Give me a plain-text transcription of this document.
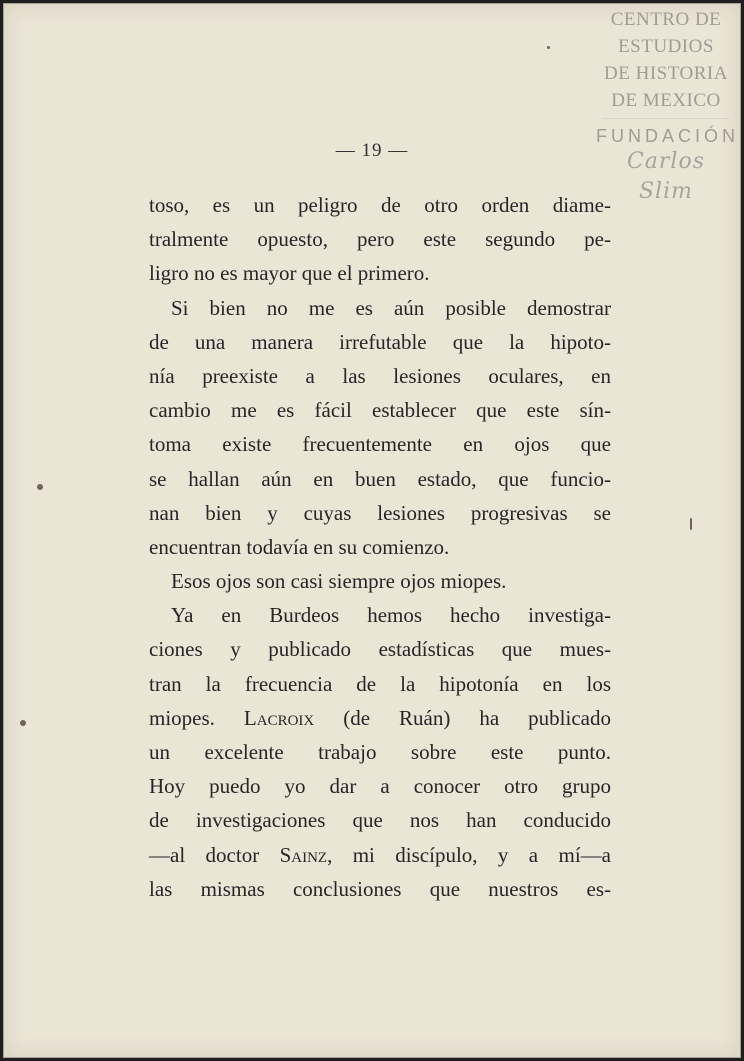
CENTRO DE
ESTUDIOS
DE HISTORIA
DE MEXICO
FUNDACIÓN
Carlos Slim
— 19 —
toso, es un peligro de otro orden diame-
tralmente opuesto, pero este segundo pe-
ligro no es mayor que el primero.
Si bien no me es aún posible demostrar
de una manera irrefutable que la hipoto-
nía preexiste a las lesiones oculares, en
cambio me es fácil establecer que este sín-
toma existe frecuentemente en ojos que
se hallan aún en buen estado, que funcio-
nan bien y cuyas lesiones progresivas se
encuentran todavía en su comienzo.
Esos ojos son casi siempre ojos miopes.
Ya en Burdeos hemos hecho investiga-
ciones y publicado estadísticas que mues-
tran la frecuencia de la hipotonía en los
miopes. Lacroix (de Ruán) ha publicado
un excelente trabajo sobre este punto.
Hoy puedo yo dar a conocer otro grupo
de investigaciones que nos han conducido
—al doctor Sainz, mi discípulo, y a mí—a
las mismas conclusiones que nuestros es-
